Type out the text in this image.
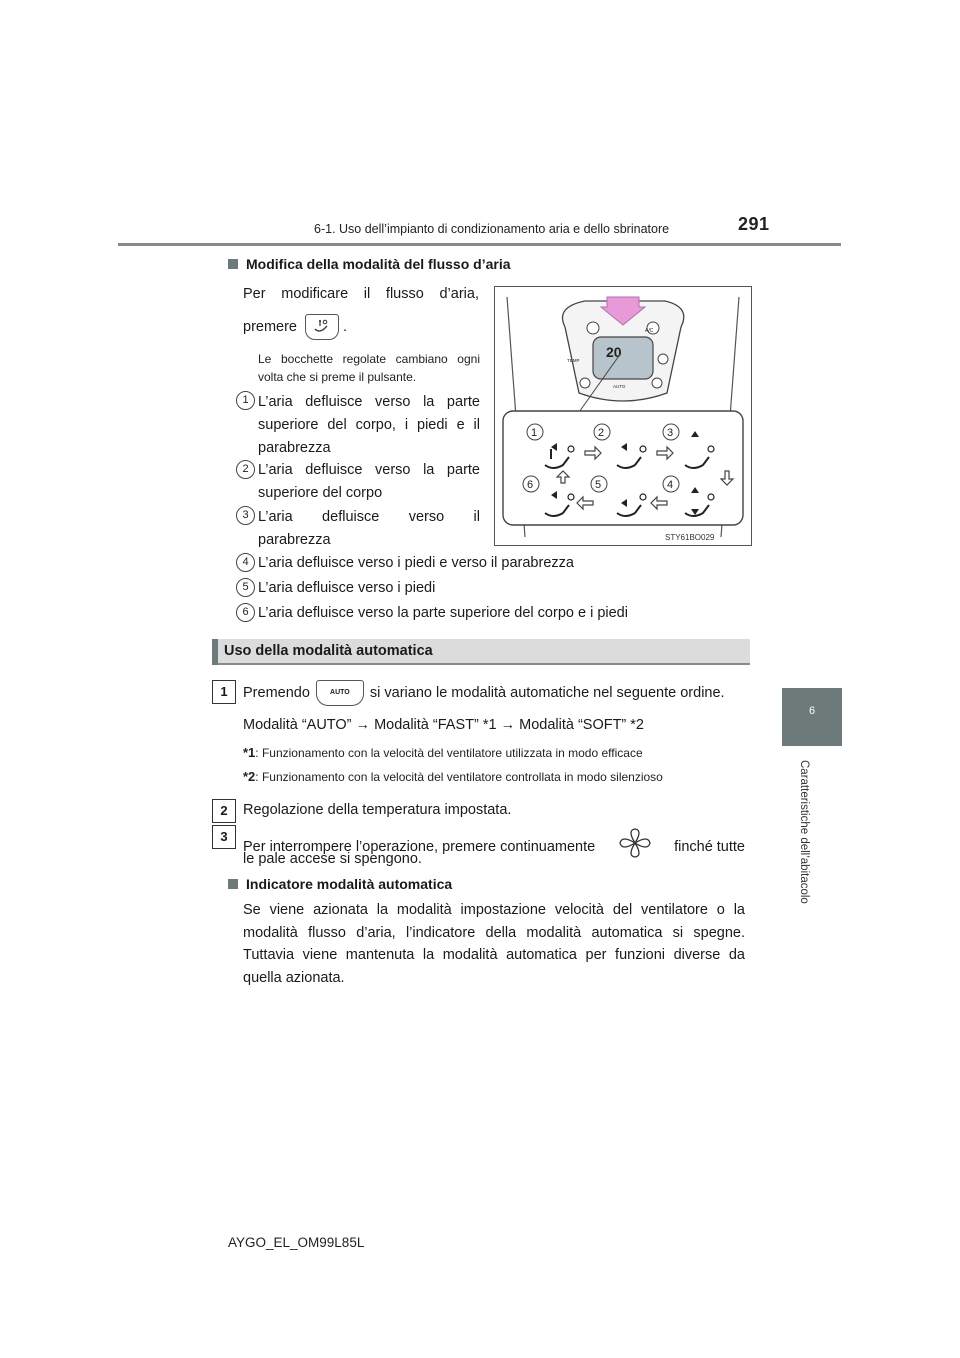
6-1. Uso dell’impianto di condizionamento aria e dello sbrinatore	291
6
Caratteristiche dell’abitacolo
Modifica della modalità del flusso d’aria
Per modificare il flusso d’aria,
premere	.
Le bocchette regolate cambiano ogni volta che si preme il pulsante.
1 L’aria defluisce verso la parte superiore del corpo, i piedi e il parabrezza
2 L’aria defluisce verso la parte superiore del corpo
3 L’aria defluisce verso il parabrezza
4 L’aria defluisce verso i piedi e verso il parabrezza
5 L’aria defluisce verso i piedi
6 L’aria defluisce verso la parte superiore del corpo e i piedi
20
A/C
TEMP
AUTO
1	2	3
6	5	4
STY61BO029
Uso della modalità automatica
1	Premendo	AUTO si variano le modalità automatiche nel seguente ordine.
Modalità “AUTO” → Modalità “FAST” *1 → Modalità “SOFT” *2
*1: Funzionamento con la velocità del ventilatore utilizzata in modo efficace
*2: Funzionamento con la velocità del ventilatore controllata in modo silenzioso
2	Regolazione della temperatura impostata.
3
Per interrompere l’operazione, premere continuamente	finché tutte
le pale accese si spengono.
Indicatore modalità automatica
Se viene azionata la modalità impostazione velocità del ventilatore o la modalità flusso d’aria, l’indicatore della modalità automatica si spegne. Tuttavia viene mantenuta la modalità automatica per funzioni diverse da quella azionata.
AYGO_EL_OM99L85L
